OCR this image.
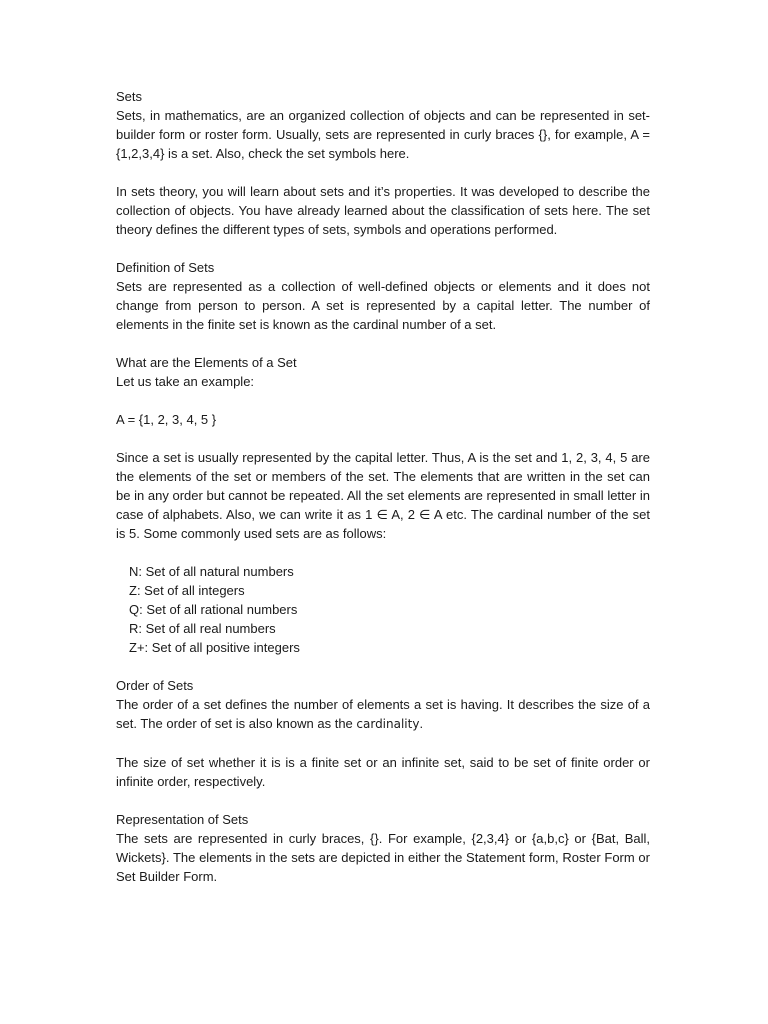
Sets

Sets, in mathematics, are an organized collection of objects and can be represented in set-builder form or roster form. Usually, sets are represented in curly braces {}, for example, A = {1,2,3,4} is a set. Also, check the set symbols here.

In sets theory, you will learn about sets and it’s properties. It was developed to describe the collection of objects. You have already learned about the classification of sets here. The set theory defines the different types of sets, symbols and operations performed.

Definition of Sets

Sets are represented as a collection of well-defined objects or elements and it does not change from person to person. A set is represented by a capital letter. The number of elements in the finite set is known as the cardinal number of a set.

What are the Elements of a Set

Let us take an example:

A = {1, 2, 3, 4, 5 }

Since a set is usually represented by the capital letter. Thus, A is the set and 1, 2, 3, 4, 5 are the elements of the set or members of the set. The elements that are written in the set can be in any order but cannot be repeated. All the set elements are represented in small letter in case of alphabets. Also, we can write it as 1 ∈ A, 2 ∈ A etc. The cardinal number of the set is 5. Some commonly used sets are as follows:

N: Set of all natural numbers
Z: Set of all integers
Q: Set of all rational numbers
R: Set of all real numbers
Z+: Set of all positive integers

Order of Sets

The order of a set defines the number of elements a set is having. It describes the size of a set. The order of set is also known as the cardinality.

The size of set whether it is is a finite set or an infinite set, said to be set of finite order or infinite order, respectively.

Representation of Sets

The sets are represented in curly braces, {}. For example, {2,3,4} or {a,b,c} or {Bat, Ball, Wickets}. The elements in the sets are depicted in either the Statement form, Roster Form or Set Builder Form.
